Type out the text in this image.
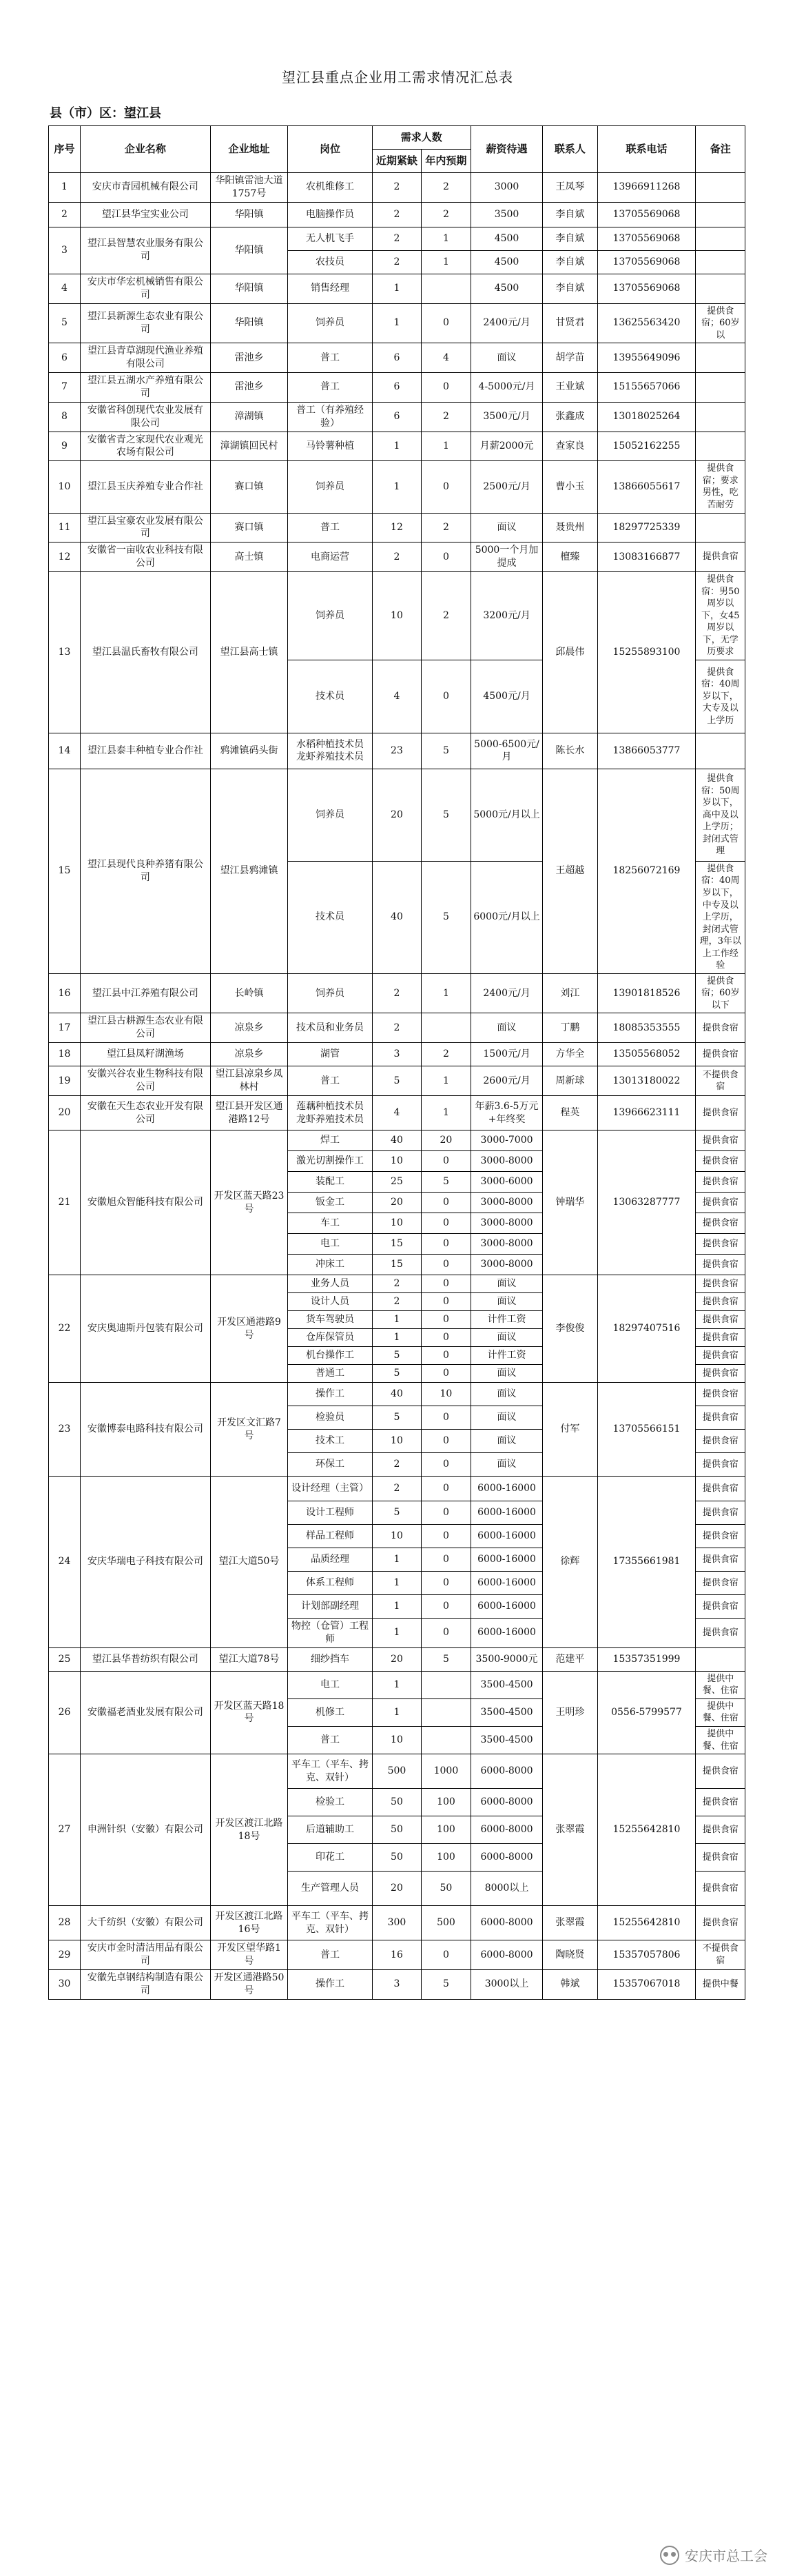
望江县重点企业用工需求情况汇总表
县（市）区：望江县
序号	企业名称	企业地址	岗位	需求人数		薪资待遇	联系人	联系电话	备注
				近期紧缺	年内预期				
1	安庆市青园机械有限公司	华阳镇雷池大道1757号	农机维修工	2	2	3000	王凤琴	13966911268	
2	望江县华宝实业公司	华阳镇	电脑操作员	2	2	3500	李自斌	13705569068	
3	望江县智慧农业服务有限公司	华阳镇	无人机飞手	2	1	4500	李自斌	13705569068	
			农技员	2	1	4500	李自斌	13705569068	
4	安庆市华宏机械销售有限公司	华阳镇	销售经理	1		4500	李自斌	13705569068	
5	望江县新源生态农业有限公司	华阳镇	饲养员	1	0	2400元/月	甘贤君	13625563420	提供食宿；60岁以
6	望江县青草湖现代渔业养殖有限公司	雷池乡	普工	6	4	面议	胡学苗	13955649096	
7	望江县五湖水产养殖有限公司	雷池乡	普工	6	0	4-5000元/月	王业斌	15155657066	
8	安徽省科创现代农业发展有限公司	漳湖镇	普工（有养殖经验）	6	2	3500元/月	张鑫成	13018025264	
9	安徽省青之家现代农业观光农场有限公司	漳湖镇回民村	马铃薯种植	1	1	月薪2000元	查家良	15052162255	
10	望江县玉庆养殖专业合作社	赛口镇	饲养员	1	0	2500元/月	曹小玉	13866055617	提供食宿；要求男性，吃苦耐劳
11	望江县宝豪农业发展有限公司	赛口镇	普工	12	2	面议	聂贵州	18297725339	
12	安徽省一亩收农业科技有限公司	高士镇	电商运营	2	0	5000一个月加提成	檀臻	13083166877	提供食宿
13	望江县温氏畜牧有限公司	望江县高士镇	饲养员	10	2	3200元/月	邱晨伟	15255893100	提供食宿：男50周岁以下，女45周岁以下，无学历要求
			技术员	4	0	4500元/月			提供食宿：40周岁以下，大专及以上学历
14	望江县泰丰种植专业合作社	鸦滩镇码头街	水稻种植技术员 龙虾养殖技术员	23	5	5000-6500元/月	陈长水	13866053777	
15	望江县现代良种养猪有限公司	望江县鸦滩镇	饲养员	20	5	5000元/月以上	王超越	18256072169	提供食宿：50周岁以下，高中及以上学历；封闭式管理
			技术员	40	5	6000元/月以上			提供食宿：40周岁以下，中专及以上学历，封闭式管理，3年以上工作经验
16	望江县中江养殖有限公司	长岭镇	饲养员	2	1	2400元/月	刘江	13901818526	提供食宿；60岁以下
17	望江县古耕源生态农业有限公司	凉泉乡	技术员和业务员	2		面议	丁鹏	18085353555	提供食宿
18	望江县凤籽湖渔场	凉泉乡	湖管	3	2	1500元/月	方华全	13505568052	提供食宿
19	安徽兴谷农业生物科技有限公司	望江县凉泉乡凤林村	普工	5	1	2600元/月	周新球	13013180022	不提供食宿
20	安徽在天生态农业开发有限公司	望江县开发区通港路12号	莲藕种植技术员 龙虾养殖技术员	4	1	年薪3.6-5万元+年终奖	程英	13966623111	提供食宿
21	安徽旭众智能科技有限公司	开发区蓝天路23号	焊工	40	20	3000-7000	钟瑞华	13063287777	提供食宿
			激光切割操作工	10	0	3000-8000			提供食宿
			装配工	25	5	3000-6000			提供食宿
			钣金工	20	0	3000-8000			提供食宿
			车工	10	0	3000-8000			提供食宿
			电工	15	0	3000-8000			提供食宿
			冲床工	15	0	3000-8000			提供食宿
22	安庆奥迪斯丹包装有限公司	开发区通港路9号	业务人员	2	0	面议	李俊俊	18297407516	提供食宿
			设计人员	2	0	面议			提供食宿
			货车驾驶员	1	0	计件工资			提供食宿
			仓库保管员	1	0	面议			提供食宿
			机台操作工	5	0	计件工资			提供食宿
			普通工	5	0	面议			提供食宿
23	安徽博泰电路科技有限公司	开发区文汇路7号	操作工	40	10	面议	付军	13705566151	提供食宿
			检验员	5	0	面议			提供食宿
			技术工	10	0	面议			提供食宿
			环保工	2	0	面议			提供食宿
24	安庆华瑞电子科技有限公司	望江大道50号	设计经理（主管）	2	0	6000-16000	徐辉	17355661981	提供食宿
			设计工程师	5	0	6000-16000			提供食宿
			样品工程师	10	0	6000-16000			提供食宿
			品质经理	1	0	6000-16000			提供食宿
			体系工程师	1	0	6000-16000			提供食宿
			计划部副经理	1	0	6000-16000			提供食宿
			物控（仓管）工程师	1	0	6000-16000			提供食宿
25	望江县华普纺织有限公司	望江大道78号	细纱挡车	20	5	3500-9000元	范建平	15357351999	
26	安徽福老酒业发展有限公司	开发区蓝天路18号	电工	1		3500-4500	王明珍	0556-5799577	提供中餐、住宿
			机修工	1		3500-4500			提供中餐、住宿
			普工	10		3500-4500			提供中餐、住宿
27	申洲针织（安徽）有限公司	开发区渡江北路18号	平车工（平车、拷克、双针）	500	1000	6000-8000	张翠霞	15255642810	提供食宿
			检验工	50	100	6000-8000			提供食宿
			后道辅助工	50	100	6000-8000			提供食宿
			印花工	50	100	6000-8000			提供食宿
			生产管理人员	20	50	8000以上			提供食宿
28	大千纺织（安徽）有限公司	开发区渡江北路16号	平车工（平车、拷克、双针）	300	500	6000-8000	张翠霞	15255642810	提供食宿
29	安庆市金时清洁用品有限公司	开发区望华路1号	普工	16	0	6000-8000	陶晓贤	15357057806	不提供食宿
30	安徽先卓钢结构制造有限公司	开发区通港路50号	操作工	3	5	3000以上	韩斌	15357067018	提供中餐
安庆市总工会
